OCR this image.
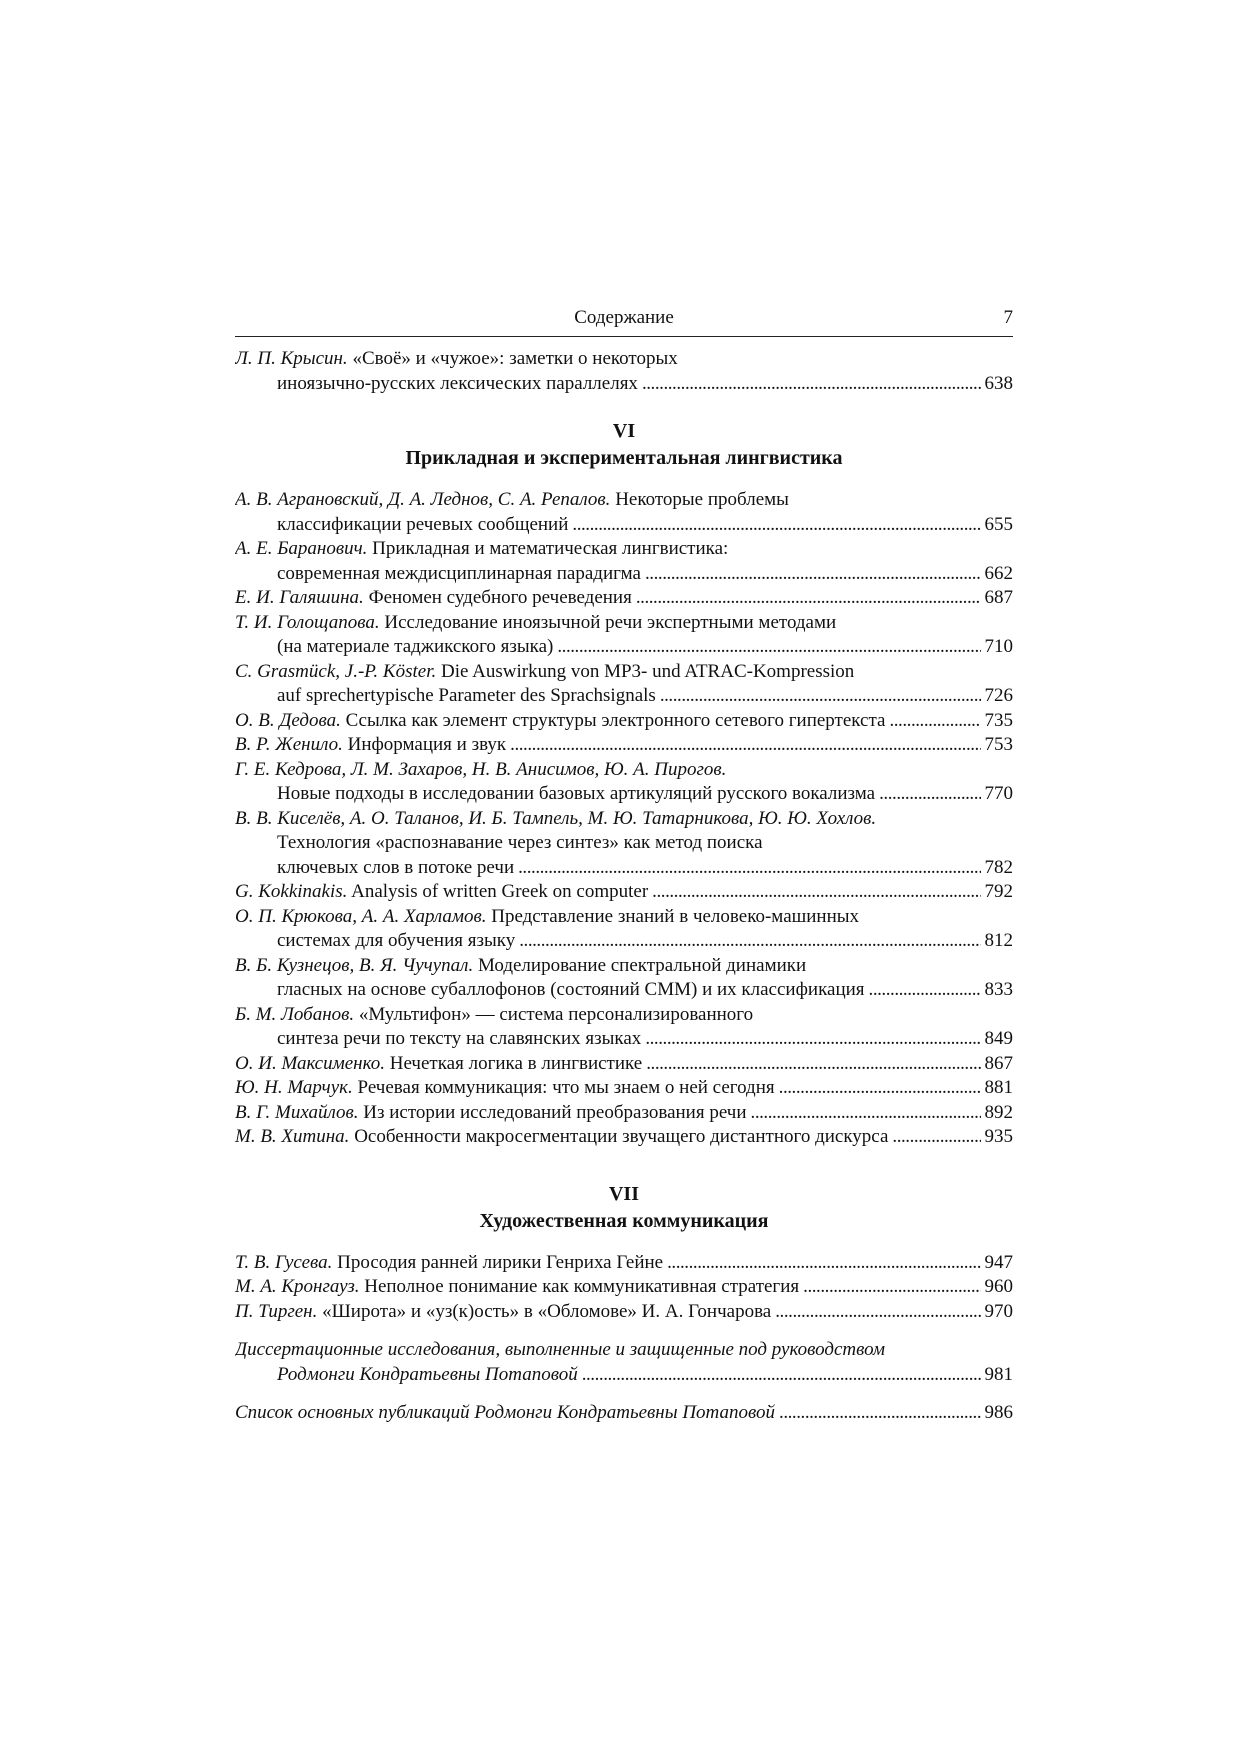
Содержание	7
Л. П. Крысин. «Своё» и «чужое»: заметки о некоторых
иноязычно-русских лексических параллелях . . .	638
VI
Прикладная и экспериментальная лингвистика
А. В. Аграновский, Д. А. Леднов, С. А. Репалов. Некоторые проблемы
классификации речевых сообщений . . .	655
А. Е. Баранович. Прикладная и математическая лингвистика:
современная междисциплинарная парадигма . . .	662
Е. И. Галяшина. Феномен судебного речеведения . . .	687
Т. И. Голощапова. Исследование иноязычной речи экспертными методами
(на материале таджикского языка) . . .	710
C. Grasmück, J.-P. Köster. Die Auswirkung von MP3- und ATRAC-Kompression
auf sprechertypische Parameter des Sprachsignals . . .	726
О. В. Дедова. Ссылка как элемент структуры электронного сетевого гипертекста . . .	735
В. Р. Женило. Информация и звук . . .	753
Г. Е. Кедрова, Л. М. Захаров, Н. В. Анисимов, Ю. А. Пирогов.
Новые подходы в исследовании базовых артикуляций русского вокализма . . .	770
В. В. Киселёв, А. О. Таланов, И. Б. Тампель, М. Ю. Татарникова, Ю. Ю. Хохлов.
Технология «распознавание через синтез» как метод поиска
ключевых слов в потоке речи . . .	782
G. Kokkinakis. Analysis of written Greek on computer . . .	792
О. П. Крюкова, А. А. Харламов. Представление знаний в человеко-машинных
системах для обучения языку . . .	812
В. Б. Кузнецов, В. Я. Чучупал. Моделирование спектральной динамики
гласных на основе субаллофонов (состояний СММ) и их классификация . . .	833
Б. М. Лобанов. «Мультифон» — система персонализированного
синтеза речи по тексту на славянских языках . . .	849
О. И. Максименко. Нечеткая логика в лингвистике . . .	867
Ю. Н. Марчук. Речевая коммуникация: что мы знаем о ней сегодня . . .	881
В. Г. Михайлов. Из истории исследований преобразования речи . . .	892
М. В. Хитина. Особенности макросегментации звучащего дистантного дискурса . . .	935
VII
Художественная коммуникация
Т. В. Гусева. Просодия ранней лирики Генриха Гейне . . .	947
М. А. Кронгауз. Неполное понимание как коммуникативная стратегия . . .	960
П. Тирген. «Широта» и «уз(к)ость» в «Обломове» И. А. Гончарова . . .	970
Диссертационные исследования, выполненные и защищенные под руководством
Родмонги Кондратьевны Потаповой . . .	981
Список основных публикаций Родмонги Кондратьевны Потаповой . . .	986
